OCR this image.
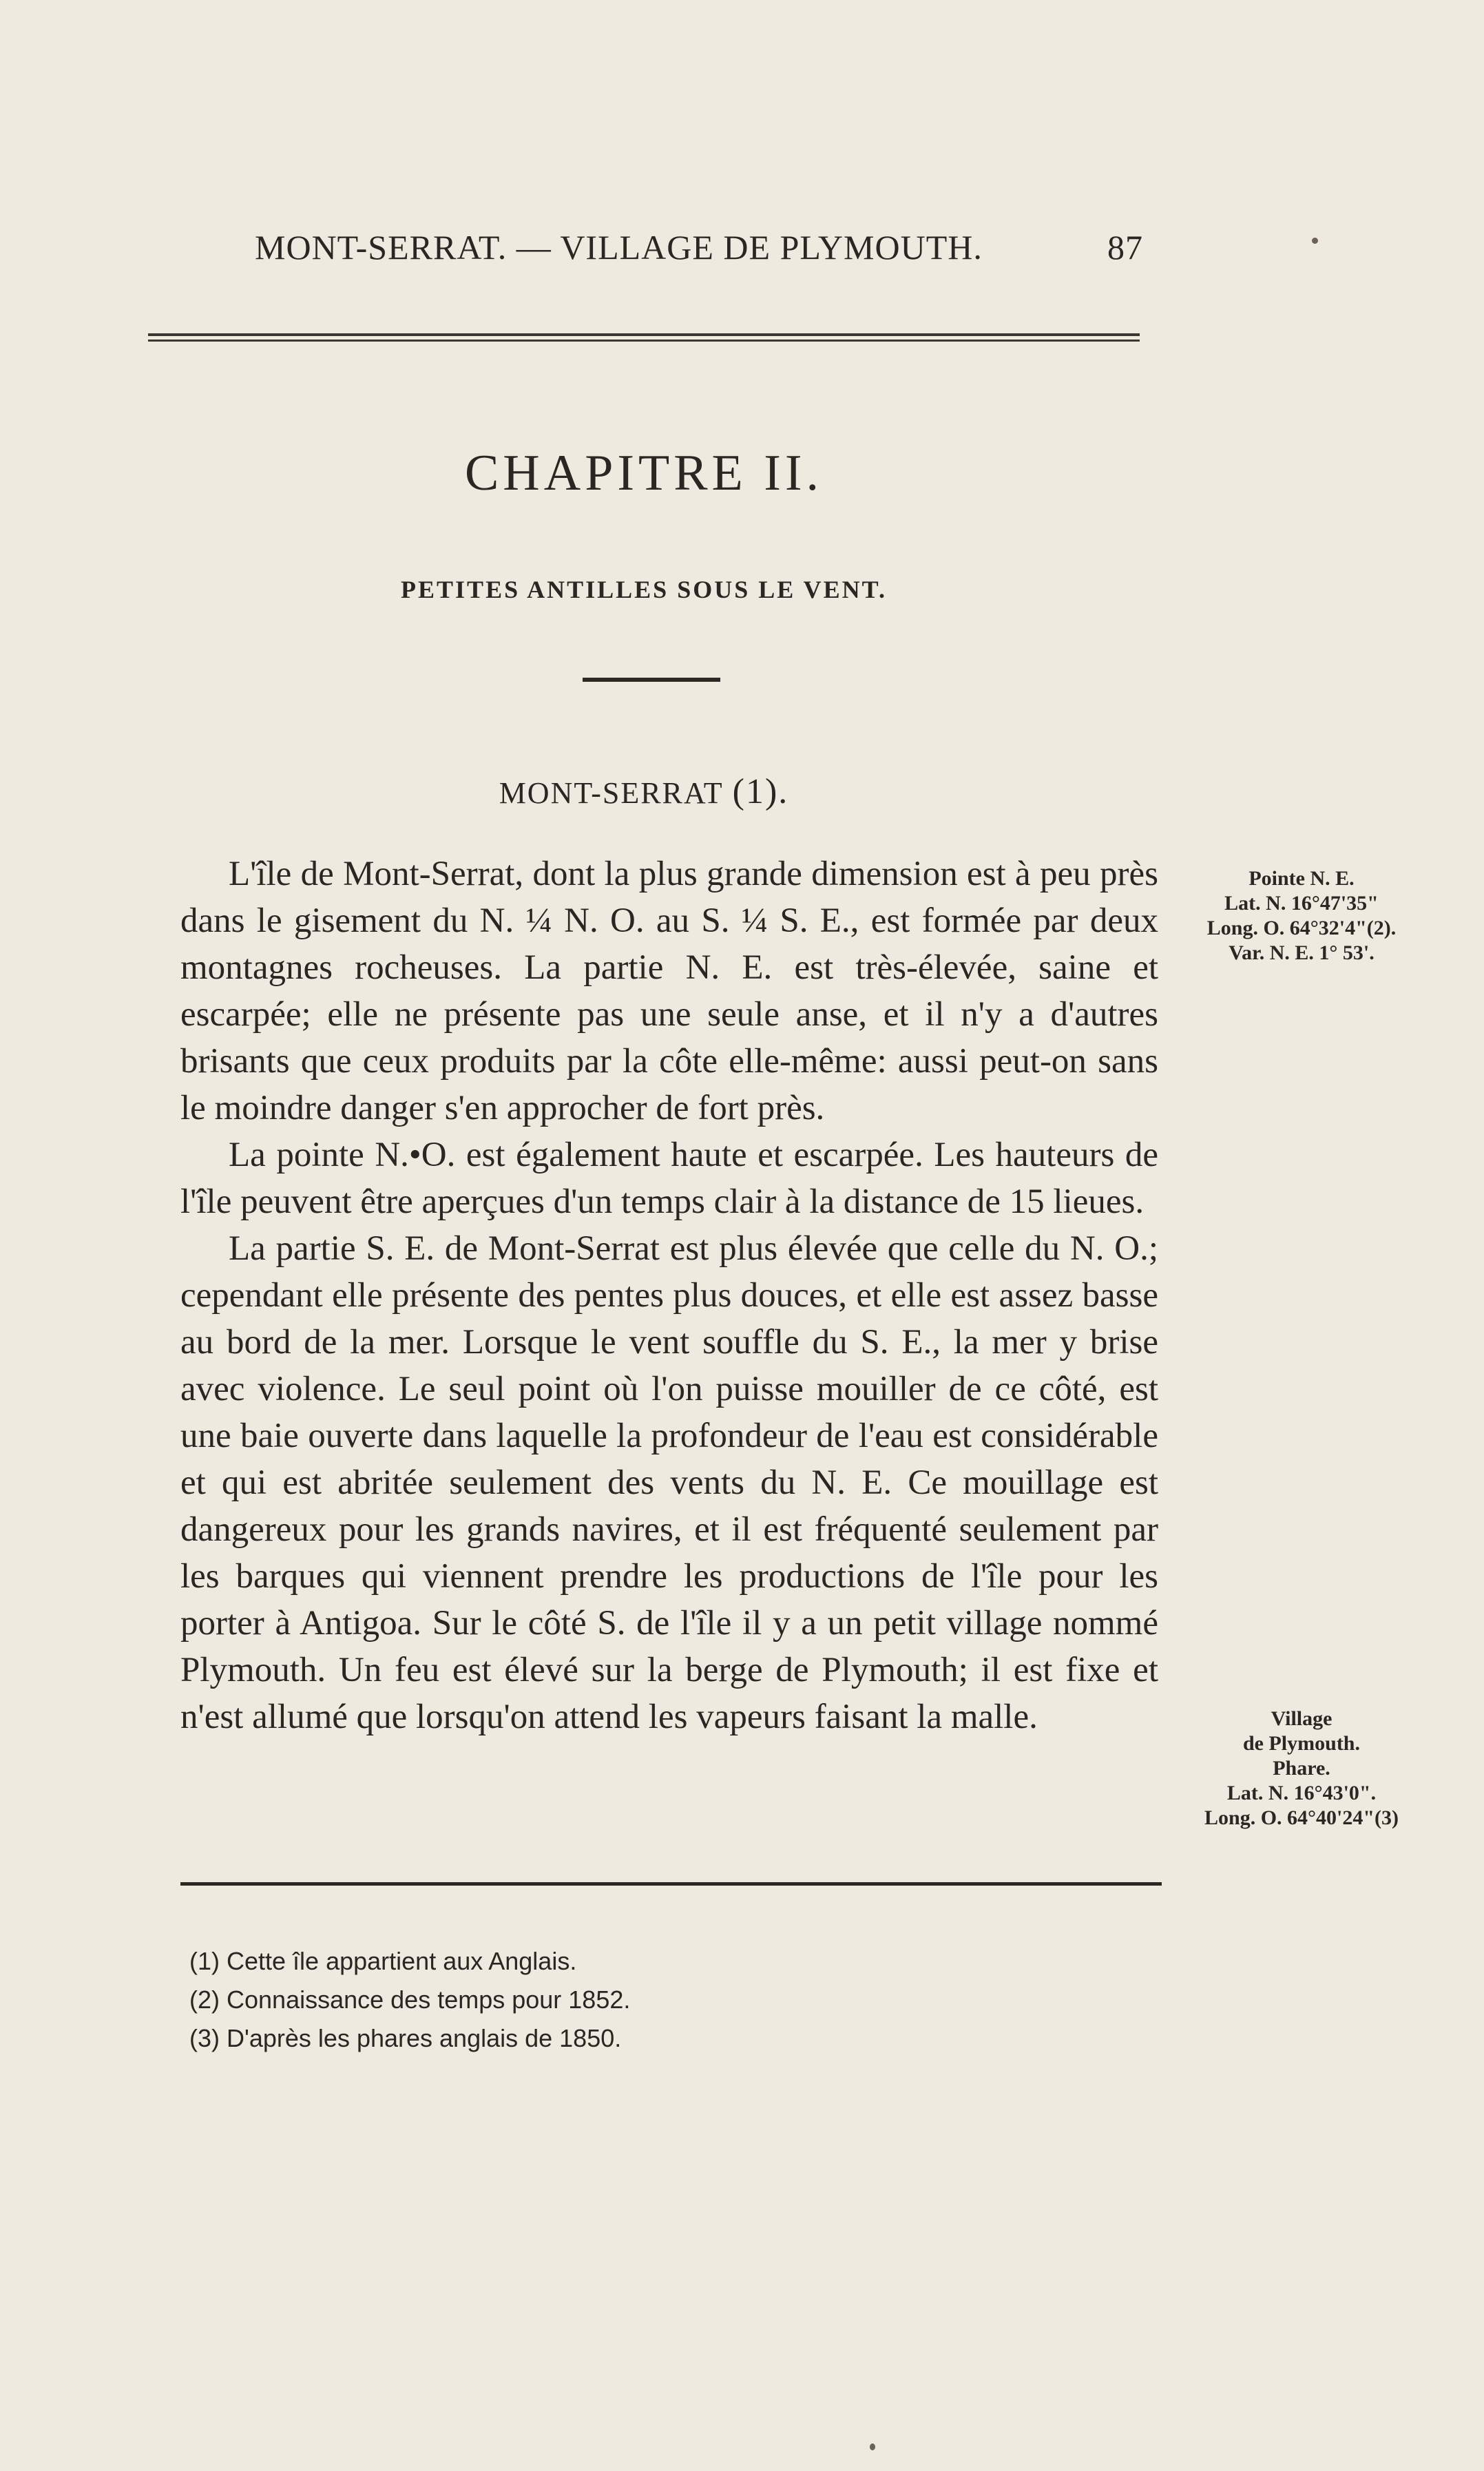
MONT-SERRAT. — VILLAGE DE PLYMOUTH.	87
CHAPITRE II.
PETITES ANTILLES SOUS LE VENT.
MONT-SERRAT (1).

L'île de Mont-Serrat, dont la plus grande dimension est à peu près dans le gisement du N. ¼ N. O. au S. ¼ S. E., est formée par deux montagnes rocheuses. La partie N. E. est très-élevée, saine et escarpée; elle ne présente pas une seule anse, et il n'y a d'autres brisants que ceux produits par la côte elle-même: aussi peut-on sans le moindre danger s'en approcher de fort près.

La pointe N.•O. est également haute et escarpée. Les hauteurs de l'île peuvent être aperçues d'un temps clair à la distance de 15 lieues.

La partie S. E. de Mont-Serrat est plus élevée que celle du N. O.; cependant elle présente des pentes plus douces, et elle est assez basse au bord de la mer. Lorsque le vent souffle du S. E., la mer y brise avec violence. Le seul point où l'on puisse mouiller de ce côté, est une baie ouverte dans laquelle la profondeur de l'eau est considérable et qui est abritée seulement des vents du N. E. Ce mouillage est dangereux pour les grands navires, et il est fréquenté seulement par les barques qui viennent prendre les productions de l'île pour les porter à Antigoa. Sur le côté S. de l'île il y a un petit village nommé Plymouth. Un feu est élevé sur la berge de Plymouth; il est fixe et n'est allumé que lorsqu'on attend les vapeurs faisant la malle.

Pointe N. E.
Lat. N. 16°47'35"
Long. O. 64°32'4"(2).
Var. N. E. 1° 53'.
Village
de Plymouth.
Phare.
Lat. N. 16°43'0".
Long. O. 64°40'24"(3)
(1) Cette île appartient aux Anglais.
(2) Connaissance des temps pour 1852.
(3) D'après les phares anglais de 1850.
